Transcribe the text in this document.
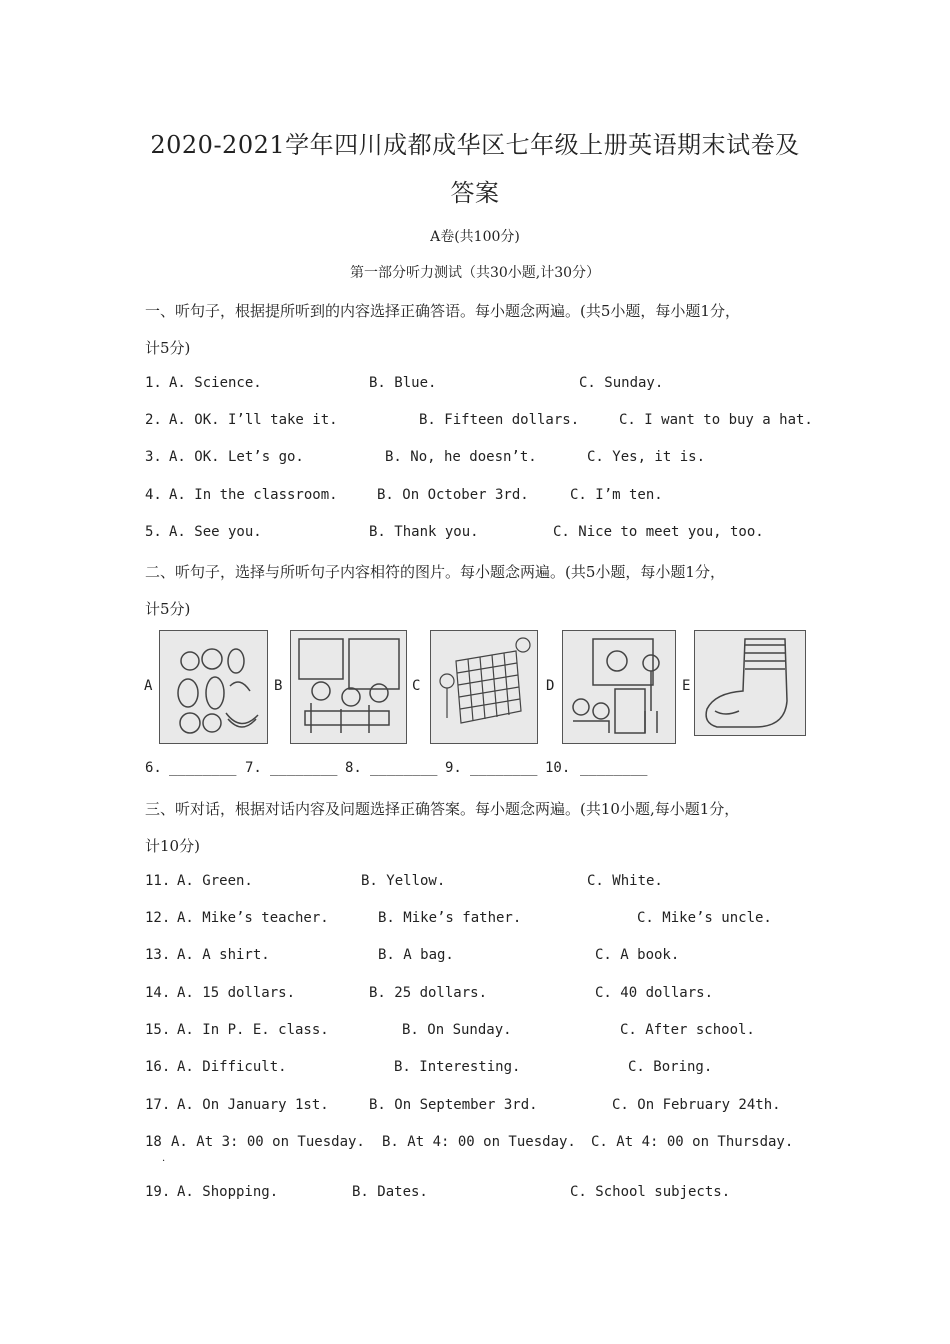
2020-2021学年四川成都成华区七年级上册英语期末试卷及
答案
A卷(共100分)
第一部分听力测试（共30小题,计30分）
一、听句子，根据提所听到的内容选择正确答语。每小题念两遍。(共5小题，每小题1分，
计5分)
1. A. Science.	B. Blue.	C. Sunday.
2. A. OK. I’ll take it.	B. Fifteen dollars.	C. I want to buy a hat.
3. A. OK. Let’s go.	B. No, he doesn’t.	C. Yes, it is.
4. A. In the classroom.	B. On October 3rd.	C. I’m ten.
5. A. See you.	B. Thank you.	C. Nice to meet you, too.
二、听句子，选择与所听句子内容相符的图片。每小题念两遍。(共5小题，每小题1分，
计5分)
A	B	C	D	E
6. ________ 7. ________ 8. ________ 9. ________ 10. ________
三、听对话，根据对话内容及问题选择正确答案。每小题念两遍。(共10小题,每小题1分，
计10分)
11. A. Green.	B. Yellow.	C. White.
12. A. Mike’s teacher.	B. Mike’s father.	C. Mike’s uncle.
13. A. A shirt.	B. A bag.	C. A book.
14. A. 15 dollars.	B. 25 dollars.	C. 40 dollars.
15. A. In P. E. class.	B. On Sunday.	C. After school.
16. A. Difficult.	B. Interesting.	C. Boring.
17. A. On January 1st.	B. On September 3rd.	C. On February 24th.
18 A. At 3: 00 on Tuesday. B. At 4: 00 on Tuesday. C. At 4: 00 on Thursday.
·
19. A. Shopping.	B. Dates.	C. School subjects.
